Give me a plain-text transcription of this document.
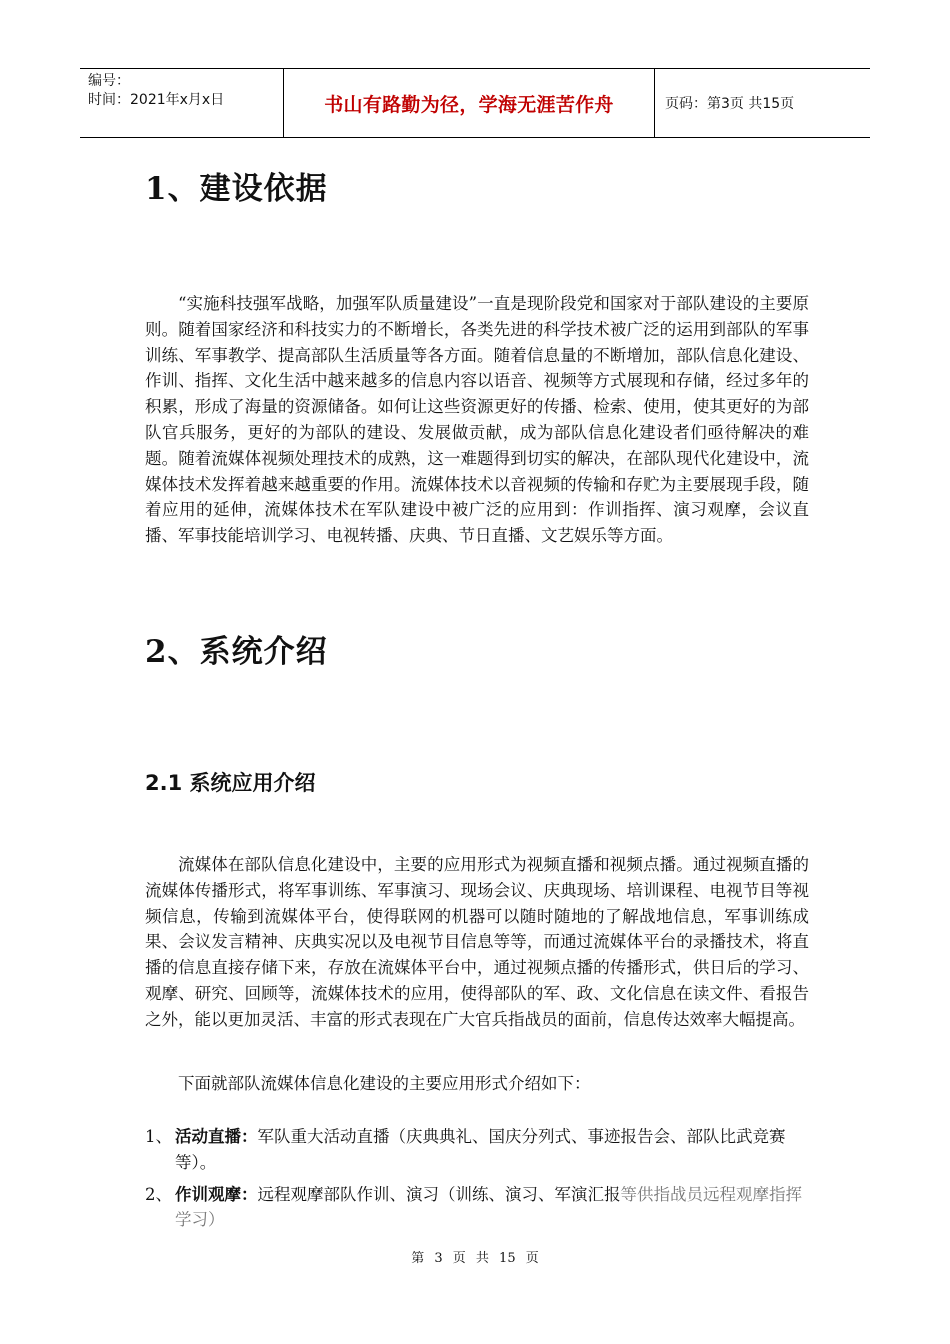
编号：
时间：2021年x月x日	书山有路勤为径，学海无涯苦作舟	页码：第3页 共15页
1、建设依据

“实施科技强军战略，加强军队质量建设”一直是现阶段党和国家对于部队建设的主要原则。随着国家经济和科技实力的不断增长，各类先进的科学技术被广泛的运用到部队的军事训练、军事教学、提高部队生活质量等各方面。随着信息量的不断增加，部队信息化建设、作训、指挥、文化生活中越来越多的信息内容以语音、视频等方式展现和存储，经过多年的积累，形成了海量的资源储备。如何让这些资源更好的传播、检索、使用，使其更好的为部队官兵服务，更好的为部队的建设、发展做贡献，成为部队信息化建设者们亟待解决的难题。随着流媒体视频处理技术的成熟，这一难题得到切实的解决，在部队现代化建设中，流媒体技术发挥着越来越重要的作用。流媒体技术以音视频的传输和存贮为主要展现手段，随着应用的延伸，流媒体技术在军队建设中被广泛的应用到：作训指挥、演习观摩，会议直播、军事技能培训学习、电视转播、庆典、节日直播、文艺娱乐等方面。

2、系统介绍
2.1 系统应用介绍

流媒体在部队信息化建设中，主要的应用形式为视频直播和视频点播。通过视频直播的流媒体传播形式，将军事训练、军事演习、现场会议、庆典现场、培训课程、电视节目等视频信息，传输到流媒体平台，使得联网的机器可以随时随地的了解战地信息，军事训练成果、会议发言精神、庆典实况以及电视节目信息等等，而通过流媒体平台的录播技术，将直播的信息直接存储下来，存放在流媒体平台中，通过视频点播的传播形式，供日后的学习、观摩、研究、回顾等，流媒体技术的应用，使得部队的军、政、文化信息在读文件、看报告之外，能以更加灵活、丰富的形式表现在广大官兵指战员的面前，信息传达效率大幅提高。

下面就部队流媒体信息化建设的主要应用形式介绍如下：

1、 活动直播：军队重大活动直播（庆典典礼、国庆分列式、事迹报告会、部队比武竞赛等）。
2、 作训观摩：远程观摩部队作训、演习（训练、演习、军演汇报等供指战员远程观摩指挥学习）
第 3 页 共 15 页
